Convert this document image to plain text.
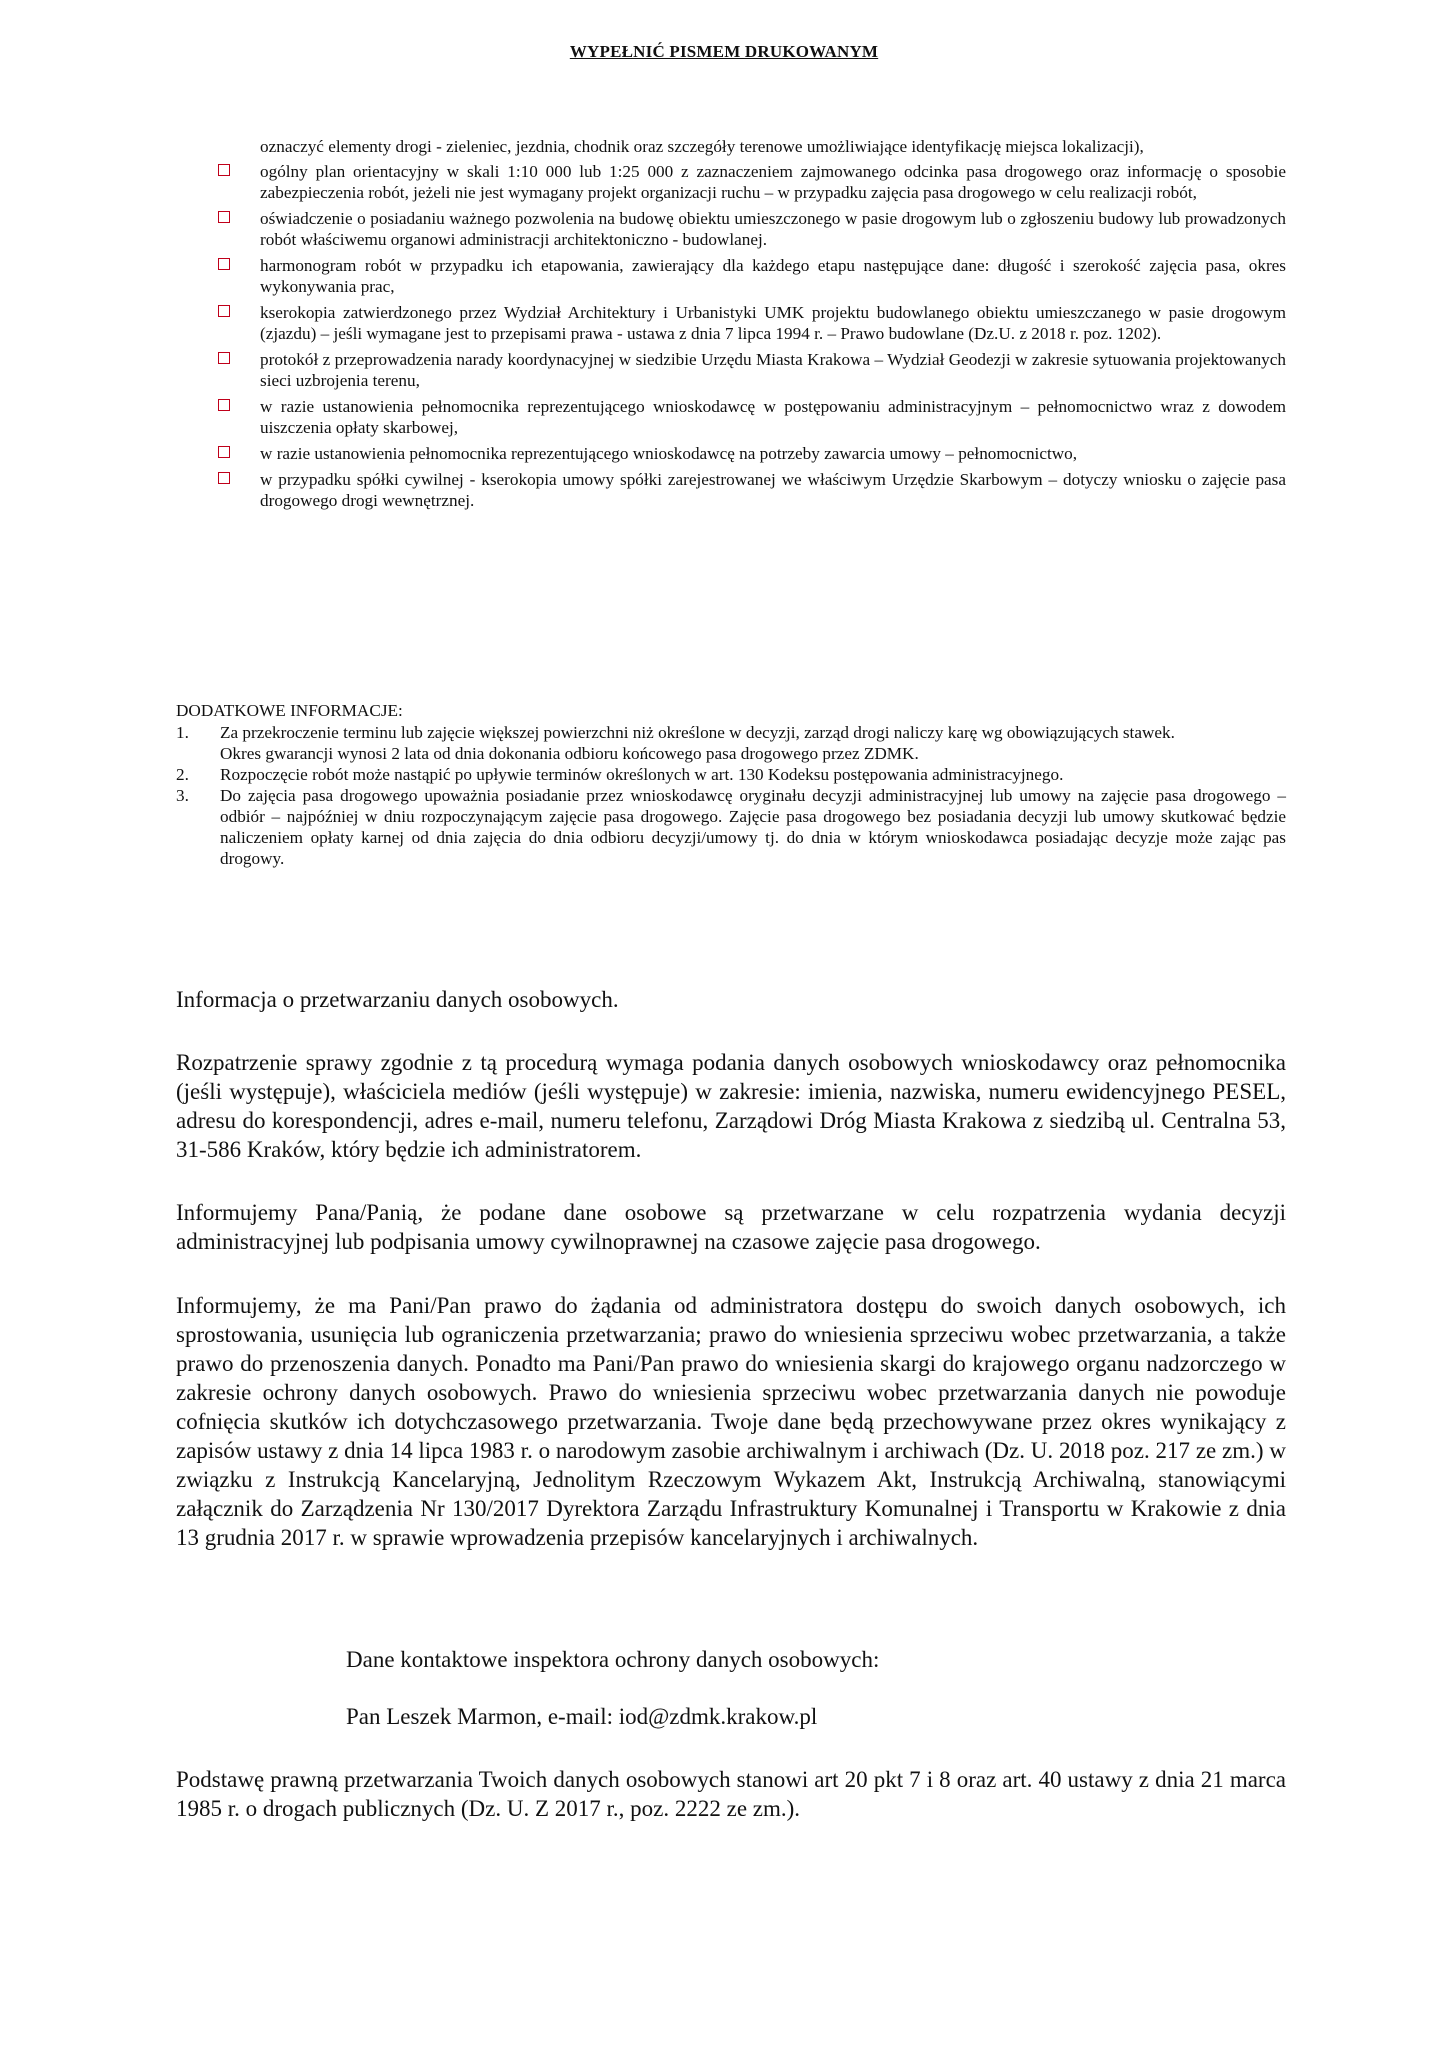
WYPEŁNIĆ PISMEM DRUKOWANYM

oznaczyć elementy drogi - zieleniec, jezdnia, chodnik oraz szczegóły terenowe umożliwiające identyfikację miejsca lokalizacji),

ogólny plan orientacyjny w skali 1:10 000 lub 1:25 000 z zaznaczeniem zajmowanego odcinka pasa drogowego oraz informację o sposobie zabezpieczenia robót, jeżeli nie jest wymagany projekt organizacji ruchu – w przypadku zajęcia pasa drogowego w celu realizacji robót,
oświadczenie o posiadaniu ważnego pozwolenia na budowę obiektu umieszczonego w pasie drogowym lub o zgłoszeniu budowy lub prowadzonych robót właściwemu organowi administracji architektoniczno - budowlanej.
harmonogram robót w przypadku ich etapowania, zawierający dla każdego etapu następujące dane: długość i szerokość zajęcia pasa, okres wykonywania prac,
kserokopia zatwierdzonego przez Wydział Architektury i Urbanistyki UMK projektu budowlanego obiektu umieszczanego w pasie drogowym (zjazdu) – jeśli wymagane jest to przepisami prawa - ustawa z dnia 7 lipca 1994 r. – Prawo budowlane (Dz.U. z 2018 r. poz. 1202).
protokół z przeprowadzenia narady koordynacyjnej w siedzibie Urzędu Miasta Krakowa – Wydział Geodezji w zakresie sytuowania projektowanych sieci uzbrojenia terenu,
w razie ustanowienia pełnomocnika reprezentującego wnioskodawcę w postępowaniu administracyjnym – pełnomocnictwo wraz z dowodem uiszczenia opłaty skarbowej,
w razie ustanowienia pełnomocnika reprezentującego wnioskodawcę na potrzeby zawarcia umowy – pełnomocnictwo,
w przypadku spółki cywilnej - kserokopia umowy spółki zarejestrowanej we właściwym Urzędzie Skarbowym – dotyczy wniosku o zajęcie pasa drogowego drogi wewnętrznej.
DODATKOWE INFORMACJE:
1. Za przekroczenie terminu lub zajęcie większej powierzchni niż określone w decyzji, zarząd drogi naliczy karę wg obowiązujących stawek.
Okres gwarancji wynosi 2 lata od dnia dokonania odbioru końcowego pasa drogowego przez ZDMK.
2. Rozpoczęcie robót może nastąpić po upływie terminów określonych w art. 130 Kodeksu postępowania administracyjnego.
3. Do zajęcia pasa drogowego upoważnia posiadanie przez wnioskodawcę oryginału decyzji administracyjnej lub umowy na zajęcie pasa drogowego – odbiór – najpóźniej w dniu rozpoczynającym zajęcie pasa drogowego. Zajęcie pasa drogowego bez posiadania decyzji lub umowy skutkować będzie naliczeniem opłaty karnej od dnia zajęcia do dnia odbioru decyzji/umowy tj. do dnia w którym wnioskodawca posiadając decyzje może zając pas drogowy.
Informacja o przetwarzaniu danych osobowych.

Rozpatrzenie sprawy zgodnie z tą procedurą wymaga podania danych osobowych wnioskodawcy oraz pełnomocnika (jeśli występuje), właściciela mediów (jeśli występuje) w zakresie: imienia, nazwiska, numeru ewidencyjnego PESEL, adresu do korespondencji, adres e-mail, numeru telefonu, Zarządowi Dróg Miasta Krakowa z siedzibą ul. Centralna 53, 31-586 Kraków, który będzie ich administratorem.

Informujemy Pana/Panią, że podane dane osobowe są przetwarzane w celu rozpatrzenia wydania decyzji administracyjnej lub podpisania umowy cywilnoprawnej na czasowe zajęcie pasa drogowego.

Informujemy, że ma Pani/Pan prawo do żądania od administratora dostępu do swoich danych osobowych, ich sprostowania, usunięcia lub ograniczenia przetwarzania; prawo do wniesienia sprzeciwu wobec przetwarzania, a także prawo do przenoszenia danych. Ponadto ma Pani/Pan prawo do wniesienia skargi do krajowego organu nadzorczego w zakresie ochrony danych osobowych. Prawo do wniesienia sprzeciwu wobec przetwarzania danych nie powoduje cofnięcia skutków ich dotychczasowego przetwarzania. Twoje dane będą przechowywane przez okres wynikający z zapisów ustawy z dnia 14 lipca 1983 r. o narodowym zasobie archiwalnym i archiwach (Dz. U. 2018 poz. 217 ze zm.) w związku z Instrukcją Kancelaryjną, Jednolitym Rzeczowym Wykazem Akt, Instrukcją Archiwalną, stanowiącymi załącznik do Zarządzenia Nr 130/2017 Dyrektora Zarządu Infrastruktury Komunalnej i Transportu w Krakowie z dnia 13 grudnia 2017 r. w sprawie wprowadzenia przepisów kancelaryjnych i archiwalnych.

Dane kontaktowe inspektora ochrony danych osobowych:
Pan Leszek Marmon, e-mail: iod@zdmk.krakow.pl

Podstawę prawną przetwarzania Twoich danych osobowych stanowi art 20 pkt 7 i 8 oraz art. 40 ustawy z dnia 21 marca 1985 r. o drogach publicznych (Dz. U. Z 2017 r., poz. 2222 ze zm.).
